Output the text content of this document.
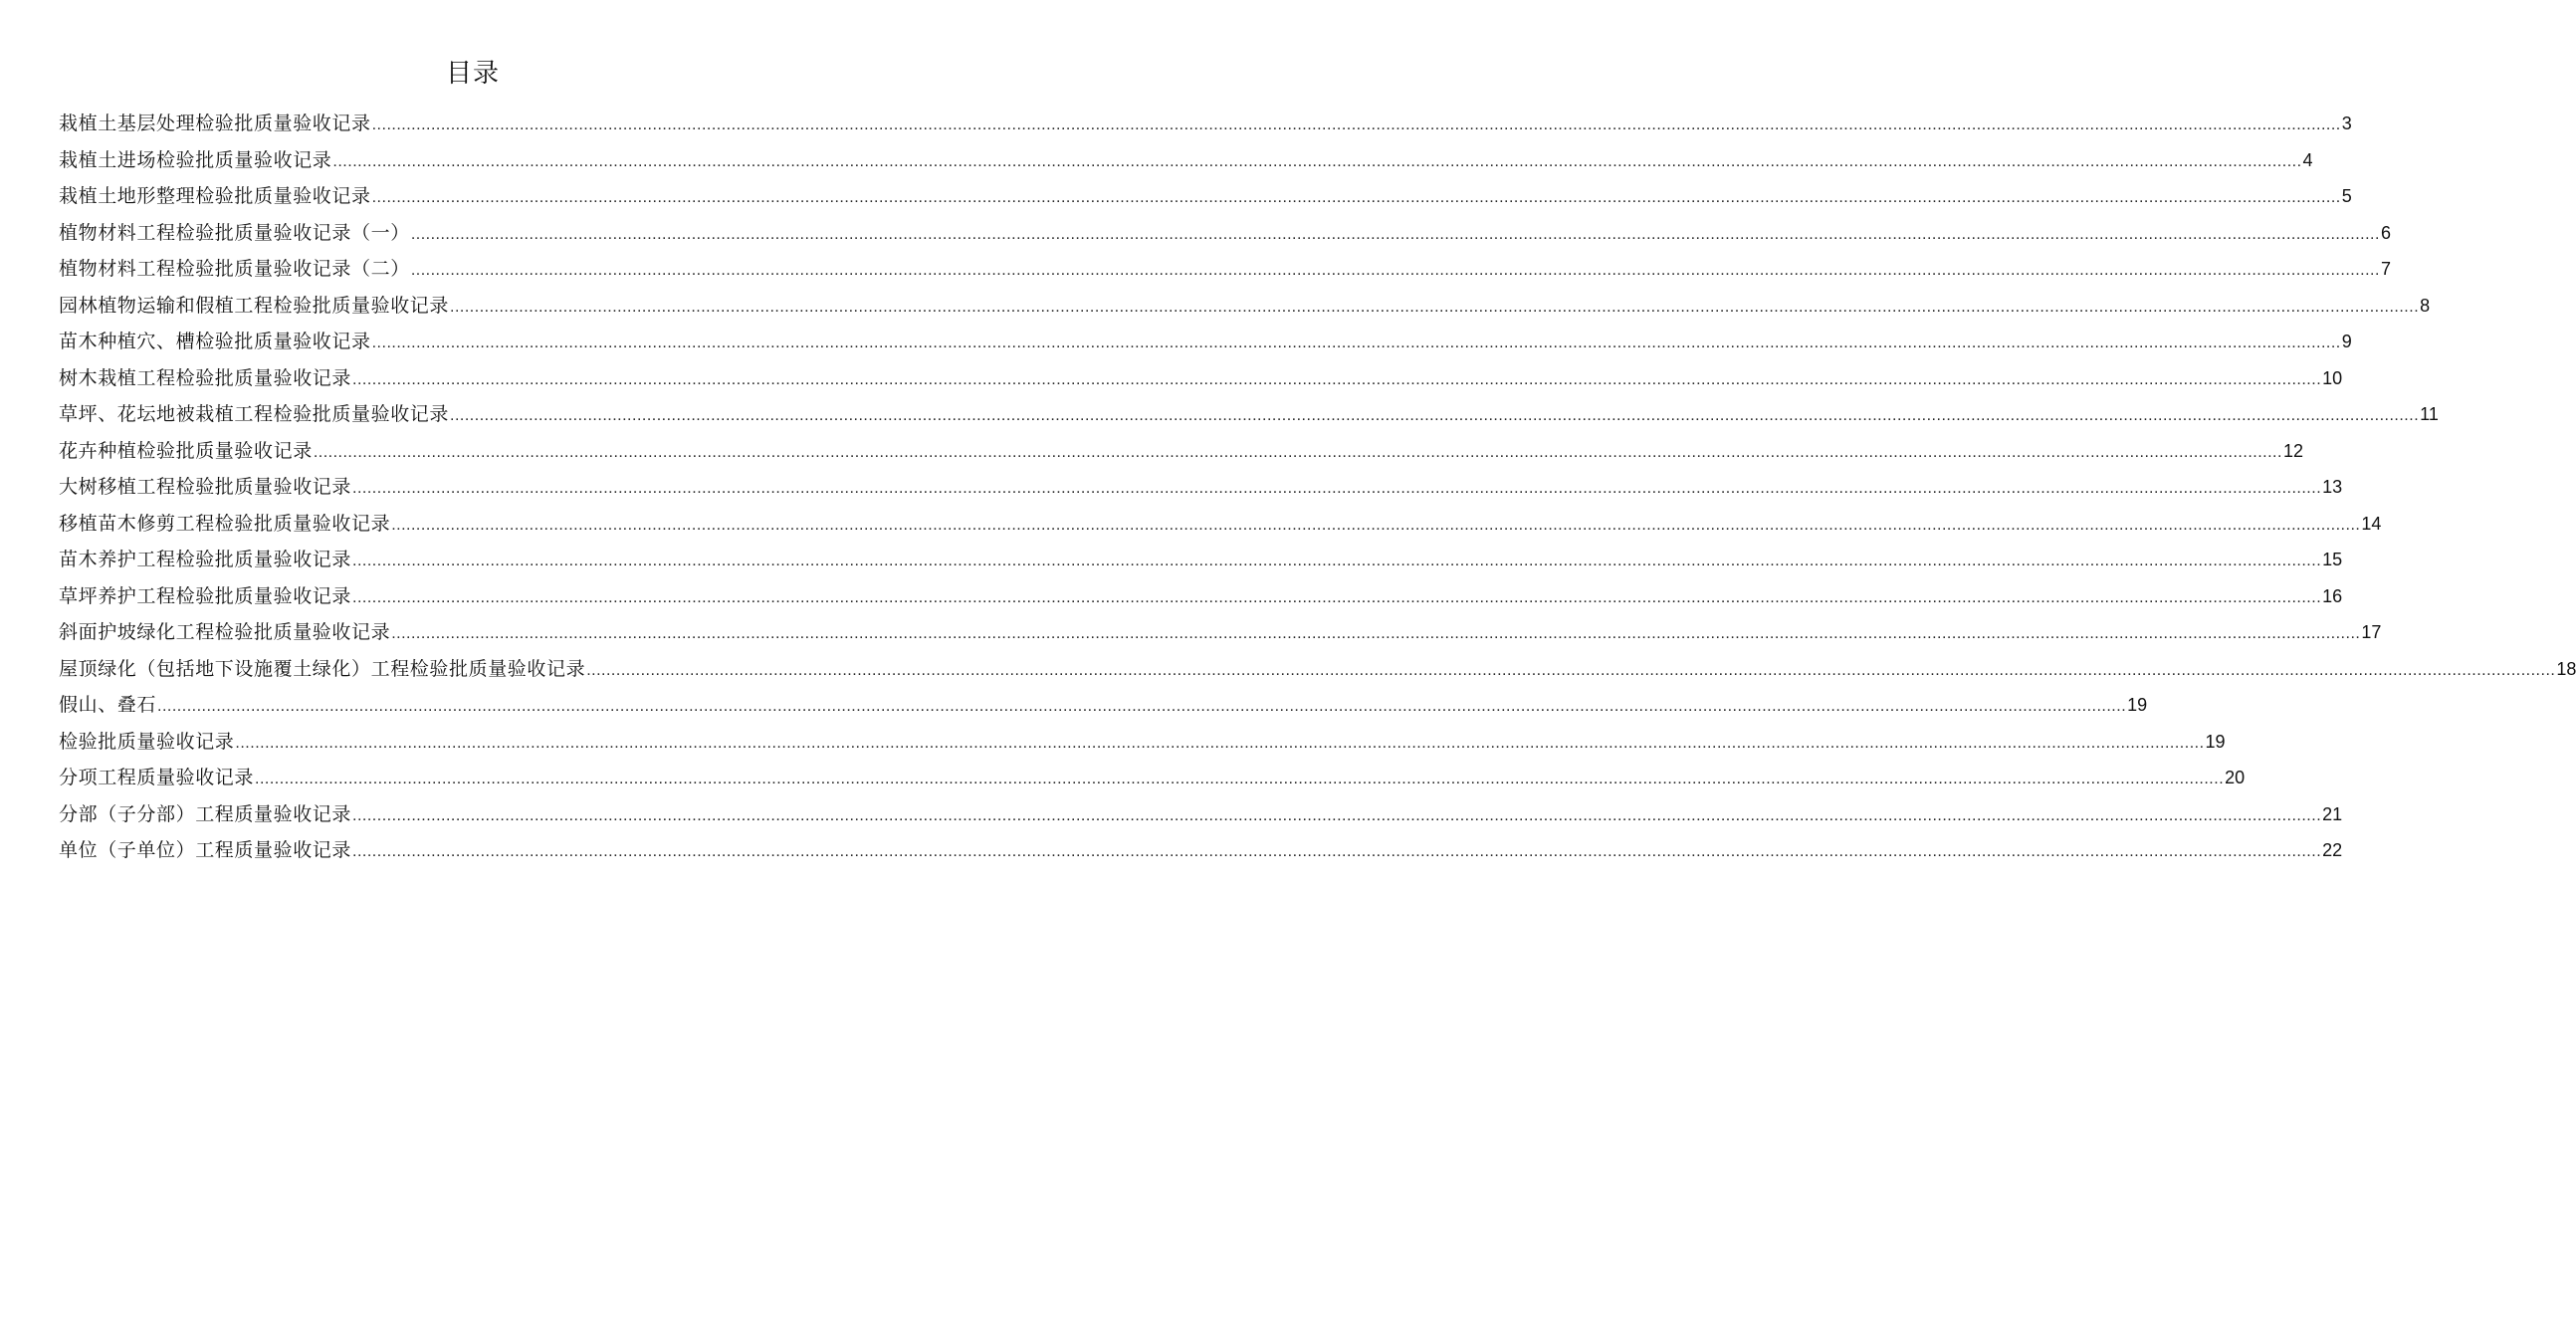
目录
栽植土基层处理检验批质量验收记录 ................................................................................................................................................................................................................................................................................................................................................................................................................ 3
栽植土进场检验批质量验收记录 ................................................................................................................................................................................................................................................................................................................................................................................................................ 4
栽植土地形整理检验批质量验收记录 ................................................................................................................................................................................................................................................................................................................................................................................................................ 5
植物材料工程检验批质量验收记录（一） ................................................................................................................................................................................................................................................................................................................................................................................................................ 6
植物材料工程检验批质量验收记录（二） ................................................................................................................................................................................................................................................................................................................................................................................................................ 7
园林植物运输和假植工程检验批质量验收记录 ................................................................................................................................................................................................................................................................................................................................................................................................................ 8
苗木种植穴、槽检验批质量验收记录 ................................................................................................................................................................................................................................................................................................................................................................................................................ 9
树木栽植工程检验批质量验收记录 ................................................................................................................................................................................................................................................................................................................................................................................................................ 10
草坪、花坛地被栽植工程检验批质量验收记录 ................................................................................................................................................................................................................................................................................................................................................................................................................ 11
花卉种植检验批质量验收记录 ................................................................................................................................................................................................................................................................................................................................................................................................................ 12
大树移植工程检验批质量验收记录 ................................................................................................................................................................................................................................................................................................................................................................................................................ 13
移植苗木修剪工程检验批质量验收记录 ................................................................................................................................................................................................................................................................................................................................................................................................................ 14
苗木养护工程检验批质量验收记录 ................................................................................................................................................................................................................................................................................................................................................................................................................ 15
草坪养护工程检验批质量验收记录 ................................................................................................................................................................................................................................................................................................................................................................................................................ 16
斜面护坡绿化工程检验批质量验收记录 ................................................................................................................................................................................................................................................................................................................................................................................................................ 17
屋顶绿化（包括地下设施覆土绿化）工程检验批质量验收记录 ................................................................................................................................................................................................................................................................................................................................................................................................................ 18
假山、叠石 ................................................................................................................................................................................................................................................................................................................................................................................................................ 19
检验批质量验收记录 ................................................................................................................................................................................................................................................................................................................................................................................................................ 19
分项工程质量验收记录 ................................................................................................................................................................................................................................................................................................................................................................................................................ 20
分部（子分部）工程质量验收记录 ................................................................................................................................................................................................................................................................................................................................................................................................................ 21
单位（子单位）工程质量验收记录 ................................................................................................................................................................................................................................................................................................................................................................................................................ 22
